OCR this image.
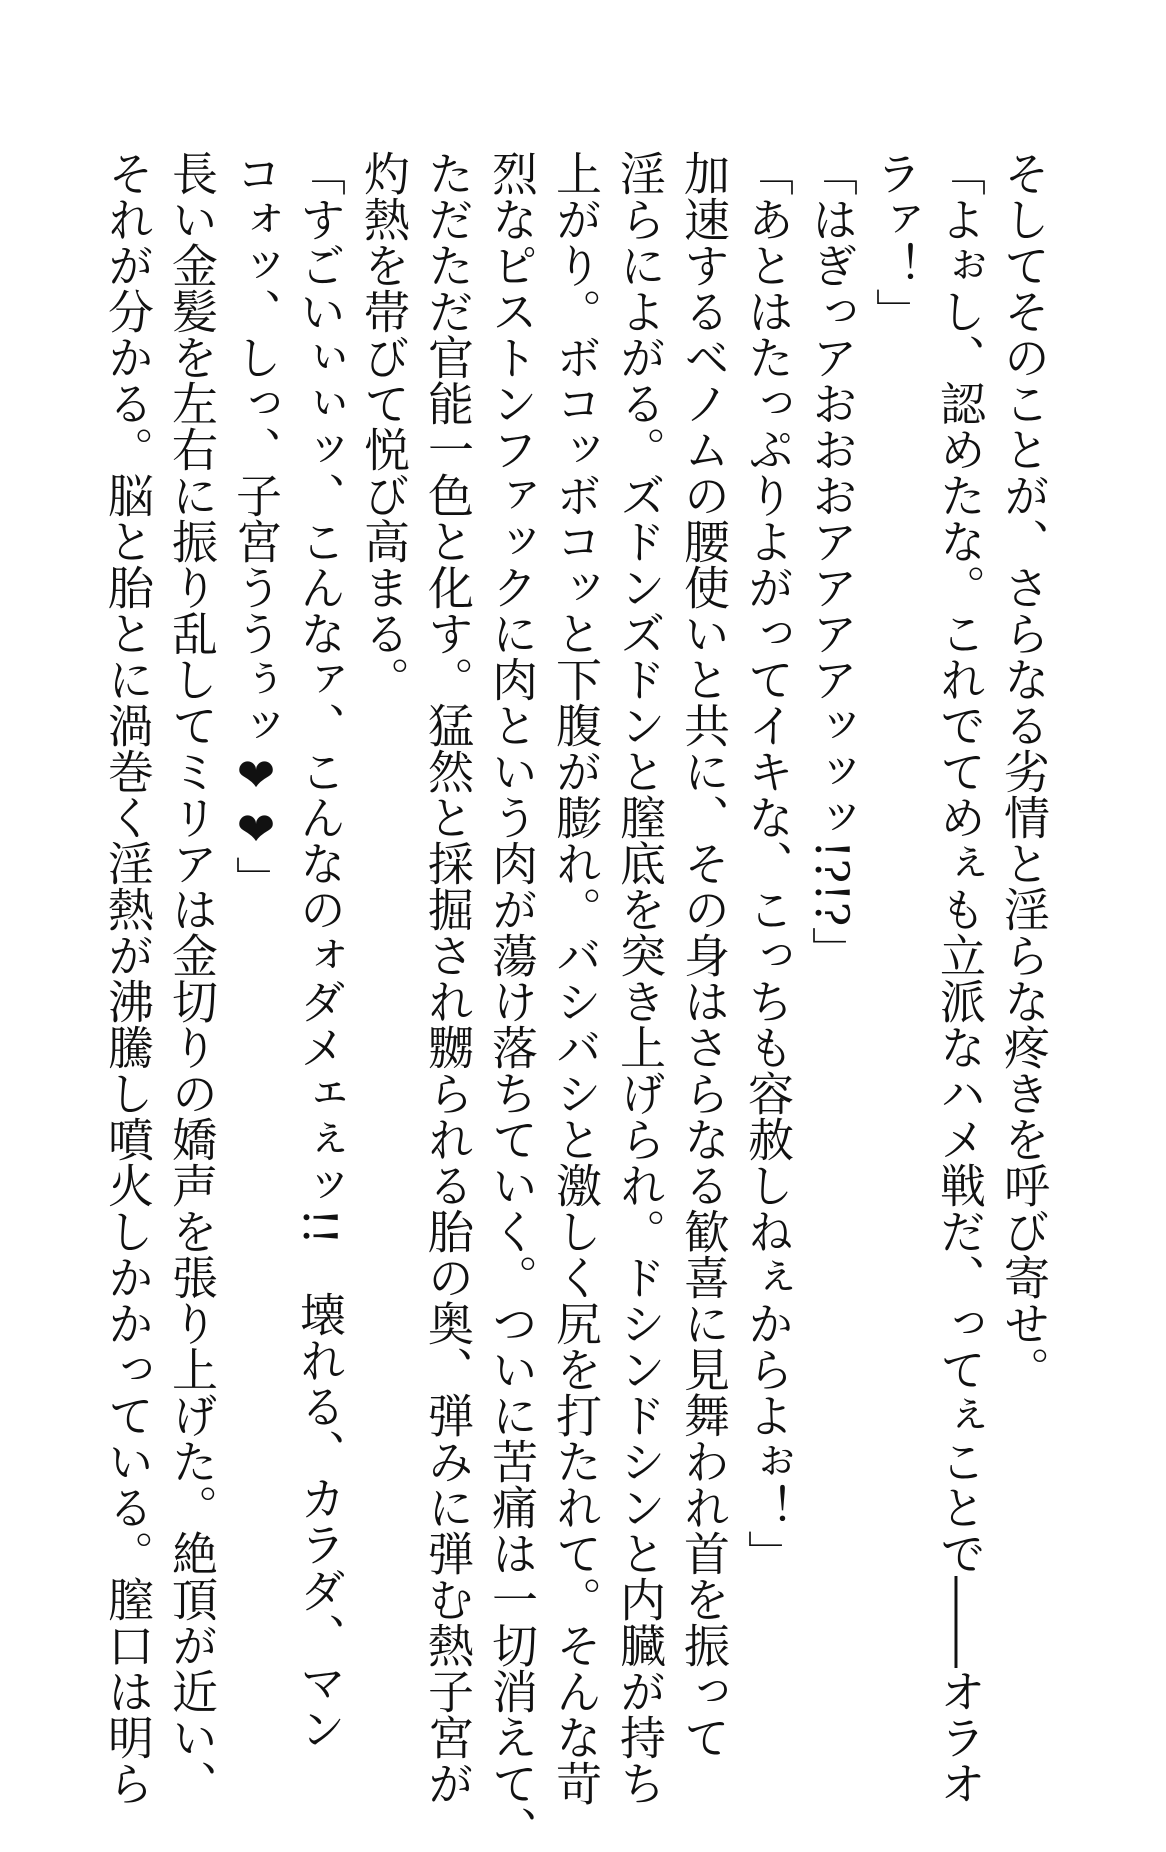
そしてそのことが、さらなる劣情と淫らな疼きを呼び寄せ。

「よぉし、認めたな。これでてめぇも立派なハメ戦だ、ってぇことで――オラオ

ラァ！」

「はぎっアおおおアアアアッッッ!?!?」

「あとはたっぷりよがってイキな、こっちも容赦しねぇからよぉ！」

加速するベノムの腰使いと共に、その身はさらなる歓喜に見舞われ首を振って

淫らによがる。ズドンズドンと膣底を突き上げられ。ドシンドシンと内臓が持ち

上がり。ボコッボコッと下腹が膨れ。バシバシと激しく尻を打たれて。そんな苛

烈なピストンファックに肉という肉が蕩け落ちていく。ついに苦痛は一切消えて、

ただただ官能一色と化す。猛然と採掘され嬲られる胎の奥、弾みに弾む熱子宮が

灼熱を帯びて悦び高まる。

「すごいぃぃッ、こんなァ、こんなのォダメェぇッ!!　壊れる、カラダ、マン

コォッ、しっ、子宮ううぅッ❤❤」

長い金髪を左右に振り乱してミリアは金切りの嬌声を張り上げた。絶頂が近い、

それが分かる。脳と胎とに渦巻く淫熱が沸騰し噴火しかかっている。膣口は明ら
